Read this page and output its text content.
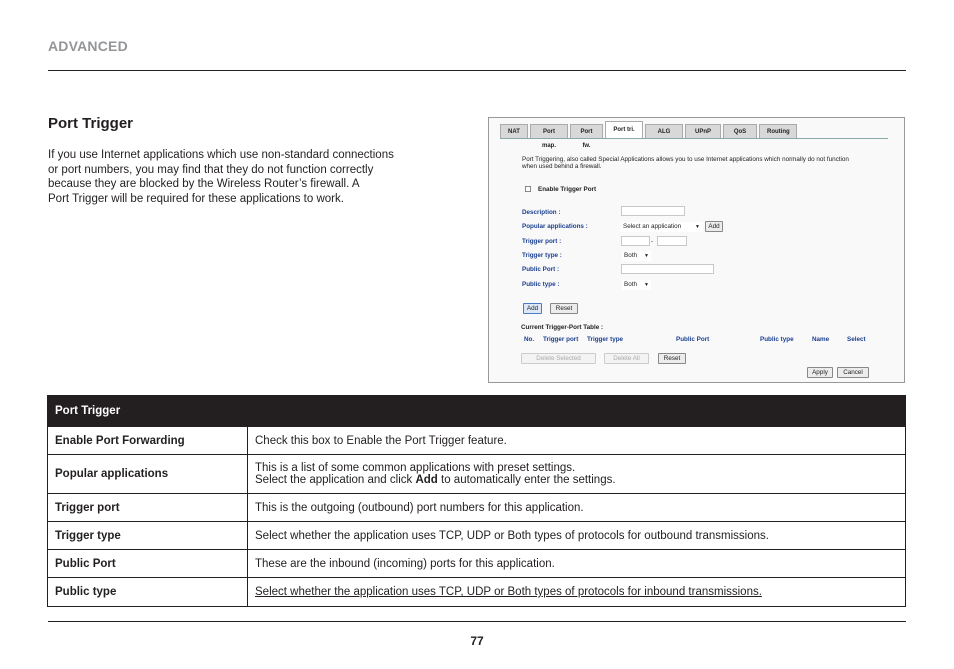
ADVANCED
Port Trigger
If you use Internet applications which use non-standard connections
or port numbers, you may find that they do not function correctly
because they are blocked by the Wireless Router’s firewall. A
Port Trigger will be required for these applications to work.
NAT	Port map.
Port fw.
Port tri.	ALG	UPnP	QoS	Routing
Port Triggering, also called Special Applications allows you to use Internet applications which normally do not function
when used behind a firewall.
Enable Trigger Port
Description :
Popular applications :	Select an application	▼	Add
Trigger port :	-
Trigger type :	Both ▼
Public Port :
Public type :	Both ▼
Add	Reset
Current Trigger-Port Table :
No. Trigger port Trigger type	Public Port	Public type	Name	Select
Delete Selected	Delete All	Reset
Apply	Cancel
Port Trigger	
Enable Port Forwarding	Check this box to Enable the Port Trigger feature.
Popular applications	This is a list of some common applications with preset settings.
Select the application and click Add to automatically enter the settings.
Trigger port	This is the outgoing (outbound) port numbers for this application.
Trigger type	Select whether the application uses TCP, UDP or Both types of protocols for outbound transmissions.
Public Port	These are the inbound (incoming) ports for this application.
Public type	Select whether the application uses TCP, UDP or Both types of protocols for inbound transmissions.
77
